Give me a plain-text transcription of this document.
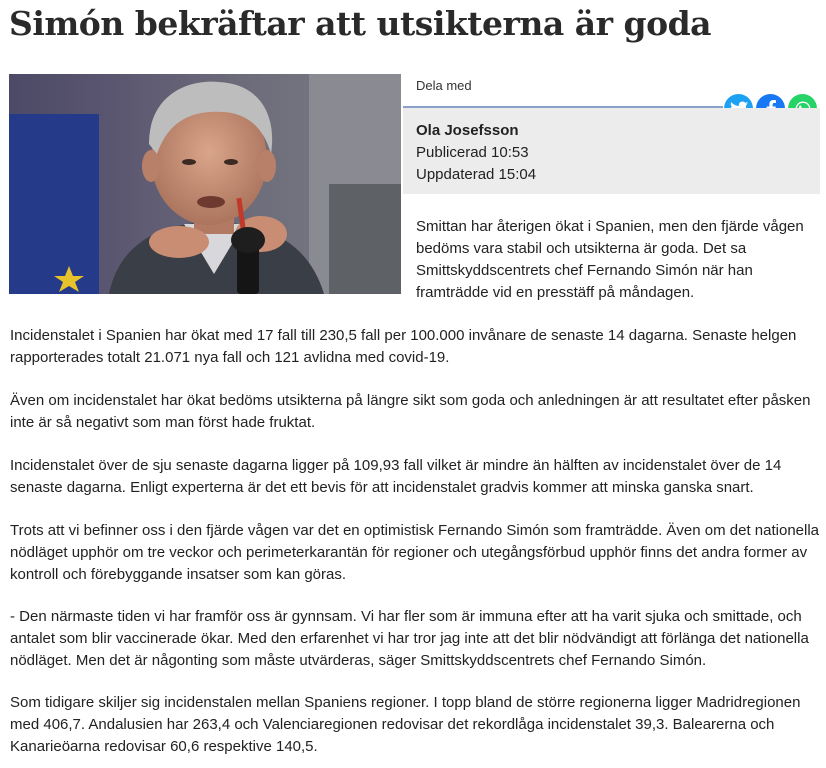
Simón bekräftar att utsikterna är goda
Dela med
Ola Josefsson
Publicerad 10:53
Uppdaterad 15:04

Smittan har återigen ökat i Spanien, men den fjärde vågen bedöms vara stabil och utsikterna är goda. Det sa Smittskyddscentrets chef Fernando Simón när han framträdde vid en presstäff på måndagen.

Incidenstalet i Spanien har ökat med 17 fall till 230,5 fall per 100.000 invånare de senaste 14 dagarna. Senaste helgen rapporterades totalt 21.071 nya fall och 121 avlidna med covid-19.

Även om incidenstalet har ökat bedöms utsikterna på längre sikt som goda och anledningen är att resultatet efter påsken inte är så negativt som man först hade fruktat.

Incidenstalet över de sju senaste dagarna ligger på 109,93 fall vilket är mindre än hälften av incidenstalet över de 14 senaste dagarna. Enligt experterna är det ett bevis för att incidenstalet gradvis kommer att minska ganska snart.

Trots att vi befinner oss i den fjärde vågen var det en optimistisk Fernando Simón som framträdde. Även om det nationella nödläget upphör om tre veckor och perimeterkarantän för regioner och utegångsförbud upphör finns det andra former av kontroll och förebyggande insatser som kan göras.

- Den närmaste tiden vi har framför oss är gynnsam. Vi har fler som är immuna efter att ha varit sjuka och smittade, och antalet som blir vaccinerade ökar. Med den erfarenhet vi har tror jag inte att det blir nödvändigt att förlänga det nationella nödläget. Men det är någonting som måste utvärderas, säger Smittskyddscentrets chef Fernando Simón.

Som tidigare skiljer sig incidenstalen mellan Spaniens regioner. I topp bland de större regionerna ligger Madridregionen med 406,7. Andalusien har 263,4 och Valenciaregionen redovisar det rekordlåga incidenstalet 39,3. Balearerna och Kanarieöarna redovisar 60,6 respektive 140,5.
